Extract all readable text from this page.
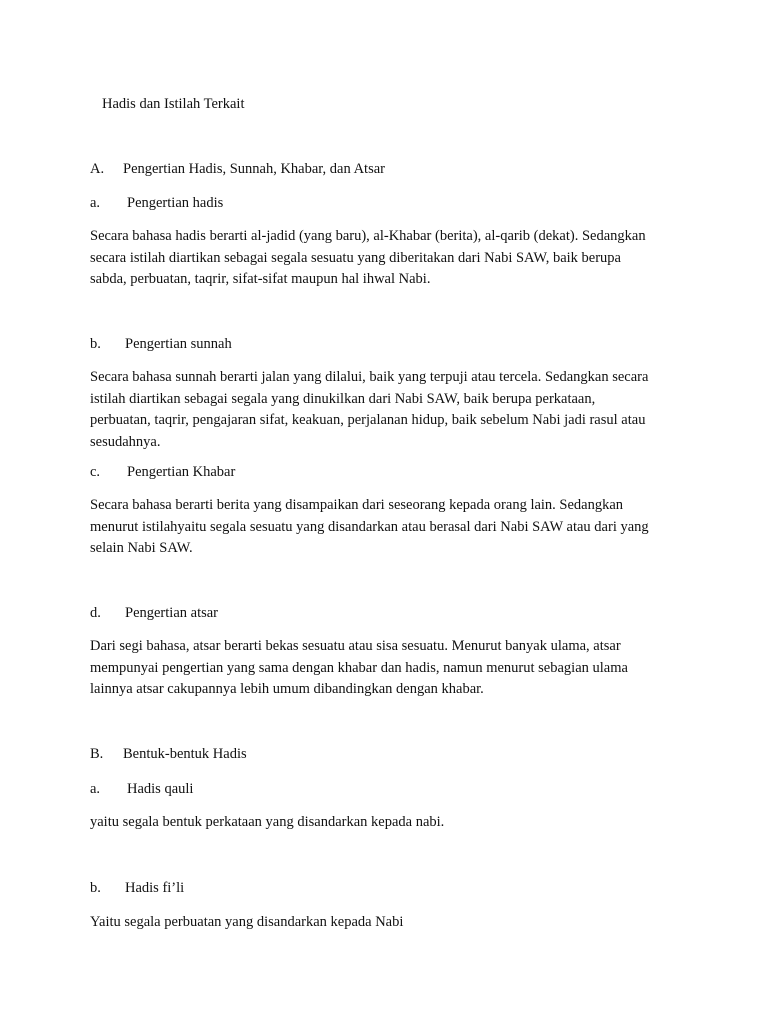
Hadis dan Istilah Terkait
A. Pengertian Hadis, Sunnah, Khabar, dan Atsar
a. Pengertian hadis
Secara bahasa hadis berarti al-jadid (yang baru), al-Khabar (berita), al-qarib (dekat). Sedangkan
secara istilah diartikan sebagai segala sesuatu yang diberitakan dari Nabi SAW, baik berupa
sabda, perbuatan, taqrir, sifat-sifat maupun hal ihwal Nabi.
b. Pengertian sunnah
Secara bahasa sunnah berarti jalan yang dilalui, baik yang terpuji atau tercela. Sedangkan secara
istilah diartikan sebagai segala yang dinukilkan dari Nabi SAW, baik berupa perkataan,
perbuatan, taqrir, pengajaran sifat, keakuan, perjalanan hidup, baik sebelum Nabi jadi rasul atau
sesudahnya.
c. Pengertian Khabar
Secara bahasa berarti berita yang disampaikan dari seseorang kepada orang lain. Sedangkan
menurut istilahyaitu segala sesuatu yang disandarkan atau berasal dari Nabi SAW atau dari yang
selain Nabi SAW.
d. Pengertian atsar
Dari segi bahasa, atsar berarti bekas sesuatu atau sisa sesuatu. Menurut banyak ulama, atsar
mempunyai pengertian yang sama dengan khabar dan hadis, namun menurut sebagian ulama
lainnya atsar cakupannya lebih umum dibandingkan dengan khabar.
B. Bentuk-bentuk Hadis
a. Hadis qauli
yaitu segala bentuk perkataan yang disandarkan kepada nabi.
b. Hadis fi’li
Yaitu segala perbuatan yang disandarkan kepada Nabi
